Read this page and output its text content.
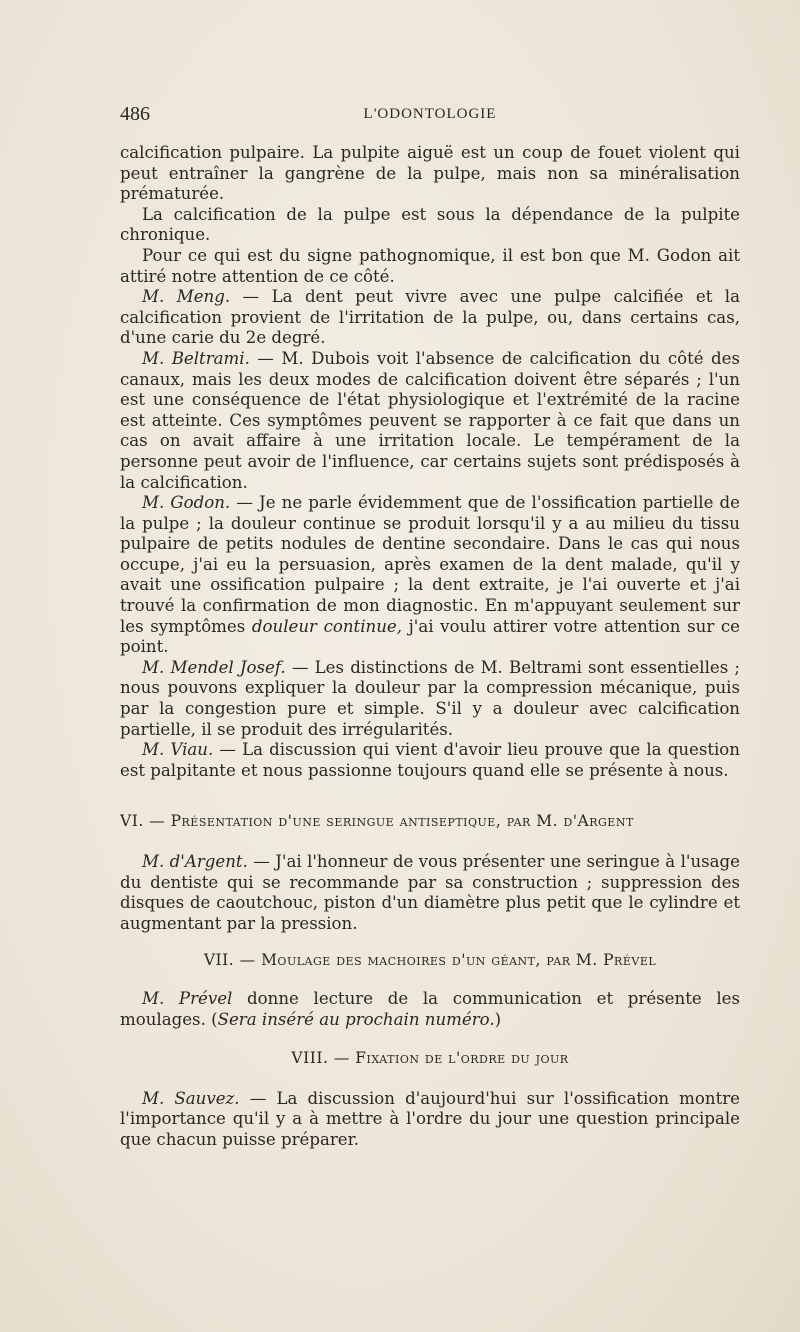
486	L'ODONTOLOGIE

calcification pulpaire. La pulpite aiguë est un coup de fouet violent qui peut entraîner la gangrène de la pulpe, mais non sa minéralisation prématurée.

La calcification de la pulpe est sous la dépendance de la pulpite chronique.

Pour ce qui est du signe pathognomique, il est bon que M. Godon ait attiré notre attention de ce côté.

M. Meng. — La dent peut vivre avec une pulpe calcifiée et la calcification provient de l'irritation de la pulpe, ou, dans certains cas, d'une carie du 2e degré.

M. Beltrami. — M. Dubois voit l'absence de calcification du côté des canaux, mais les deux modes de calcification doivent être séparés ; l'un est une conséquence de l'état physiologique et l'extrémité de la racine est atteinte. Ces symptômes peuvent se rapporter à ce fait que dans un cas on avait affaire à une irritation locale. Le tempérament de la personne peut avoir de l'influence, car certains sujets sont prédisposés à la calcification.

M. Godon. — Je ne parle évidemment que de l'ossification partielle de la pulpe ; la douleur continue se produit lorsqu'il y a au milieu du tissu pulpaire de petits nodules de dentine secondaire. Dans le cas qui nous occupe, j'ai eu la persuasion, après examen de la dent malade, qu'il y avait une ossification pulpaire ; la dent extraite, je l'ai ouverte et j'ai trouvé la confirmation de mon diagnostic. En m'appuyant seulement sur les symptômes douleur continue, j'ai voulu attirer votre attention sur ce point.

M. Mendel Josef. — Les distinctions de M. Beltrami sont essentielles ; nous pouvons expliquer la douleur par la compression mécanique, puis par la congestion pure et simple. S'il y a douleur avec calcification partielle, il se produit des irrégularités.

M. Viau. — La discussion qui vient d'avoir lieu prouve que la question est palpitante et nous passionne toujours quand elle se présente à nous.

VI. — Présentation d'une seringue antiseptique, par M. d'Argent

M. d'Argent. — J'ai l'honneur de vous présenter une seringue à l'usage du dentiste qui se recommande par sa construction ; suppression des disques de caoutchouc, piston d'un diamètre plus petit que le cylindre et augmentant par la pression.

VII. — Moulage des machoires d'un géant, par M. Prével

M. Prével donne lecture de la communication et présente les moulages. (Sera inséré au prochain numéro.)

VIII. — Fixation de l'ordre du jour

M. Sauvez. — La discussion d'aujourd'hui sur l'ossification montre l'importance qu'il y a à mettre à l'ordre du jour une question principale que chacun puisse préparer.
